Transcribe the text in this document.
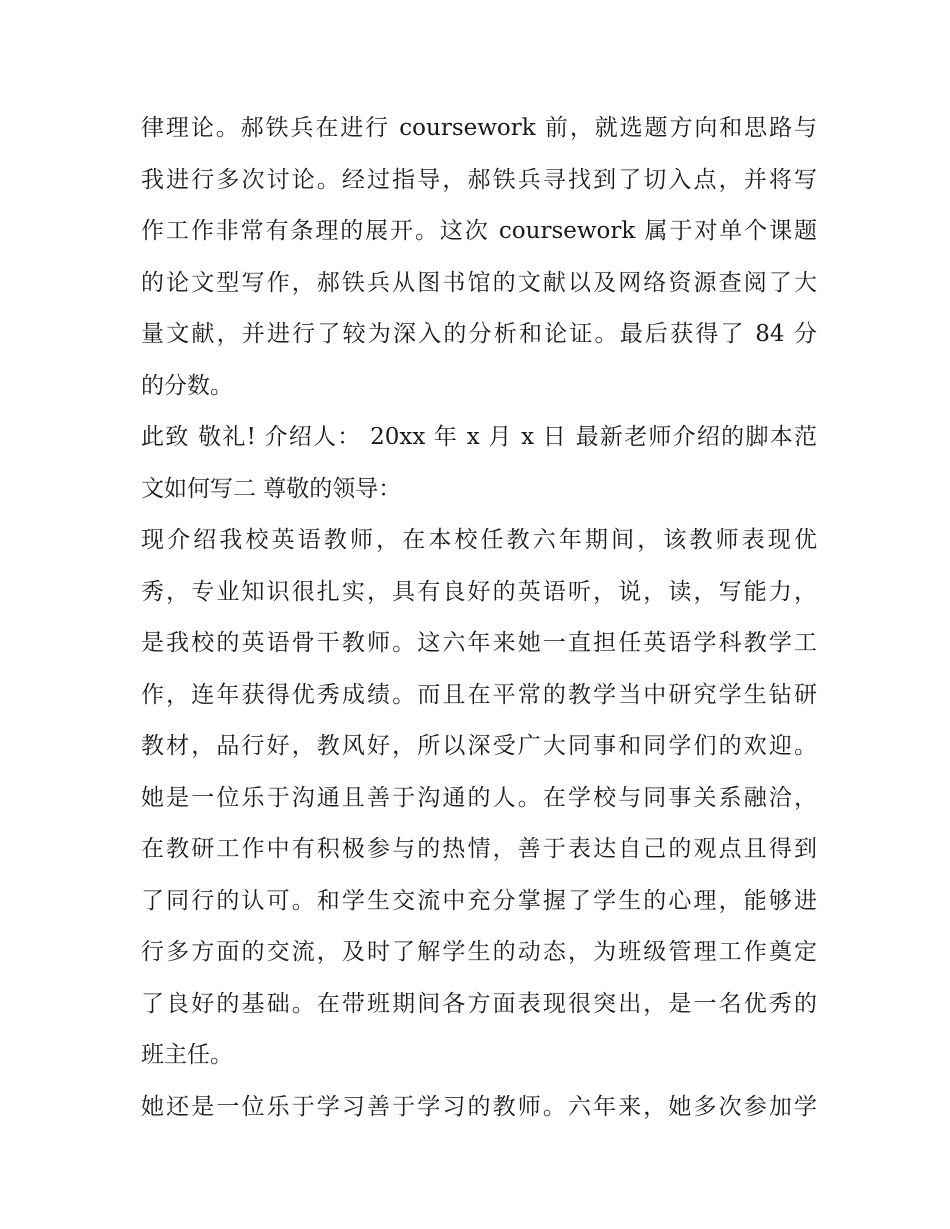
律理论。郝铁兵在进行 coursework 前，就选题方向和思路与
我进行多次讨论。经过指导，郝铁兵寻找到了切入点，并将写
作工作非常有条理的展开。这次 coursework 属于对单个课题
的论文型写作，郝铁兵从图书馆的文献以及网络资源查阅了大
量文献，并进行了较为深入的分析和论证。最后获得了 84 分
的分数。
此致 敬礼! 介绍人： 20xx 年 x 月 x 日 最新老师介绍的脚本范
文如何写二 尊敬的领导：
现介绍我校英语教师，在本校任教六年期间，该教师表现优
秀，专业知识很扎实，具有良好的英语听，说，读，写能力，
是我校的英语骨干教师。这六年来她一直担任英语学科教学工
作，连年获得优秀成绩。而且在平常的教学当中研究学生钻研
教材，品行好，教风好，所以深受广大同事和同学们的欢迎。
她是一位乐于沟通且善于沟通的人。在学校与同事关系融洽，
在教研工作中有积极参与的热情，善于表达自己的观点且得到
了同行的认可。和学生交流中充分掌握了学生的心理，能够进
行多方面的交流，及时了解学生的动态，为班级管理工作奠定
了良好的基础。在带班期间各方面表现很突出，是一名优秀的
班主任。
她还是一位乐于学习善于学习的教师。六年来，她多次参加学
